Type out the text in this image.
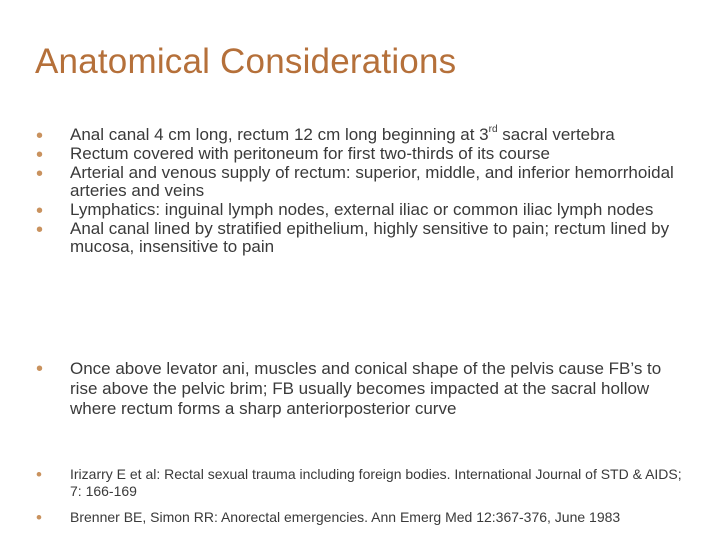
Anatomical Considerations
• Anal canal 4 cm long, rectum 12 cm long beginning at 3rd sacral vertebra
• Rectum covered with peritoneum for first two-thirds of its course
• Arterial and venous supply of rectum: superior, middle, and inferior hemorrhoidal arteries and veins
• Lymphatics: inguinal lymph nodes, external iliac or common iliac lymph nodes
• Anal canal lined by stratified epithelium, highly sensitive to pain; rectum lined by mucosa, insensitive to pain
• Once above levator ani, muscles and conical shape of the pelvis cause FB’s to rise above the pelvic brim; FB usually becomes impacted at the sacral hollow where rectum forms a sharp anteriorposterior curve
• Irizarry E et al: Rectal sexual trauma including foreign bodies. International Journal of STD & AIDS; 7: 166-169
• Brenner BE, Simon RR: Anorectal emergencies. Ann Emerg Med 12:367-376, June 1983
